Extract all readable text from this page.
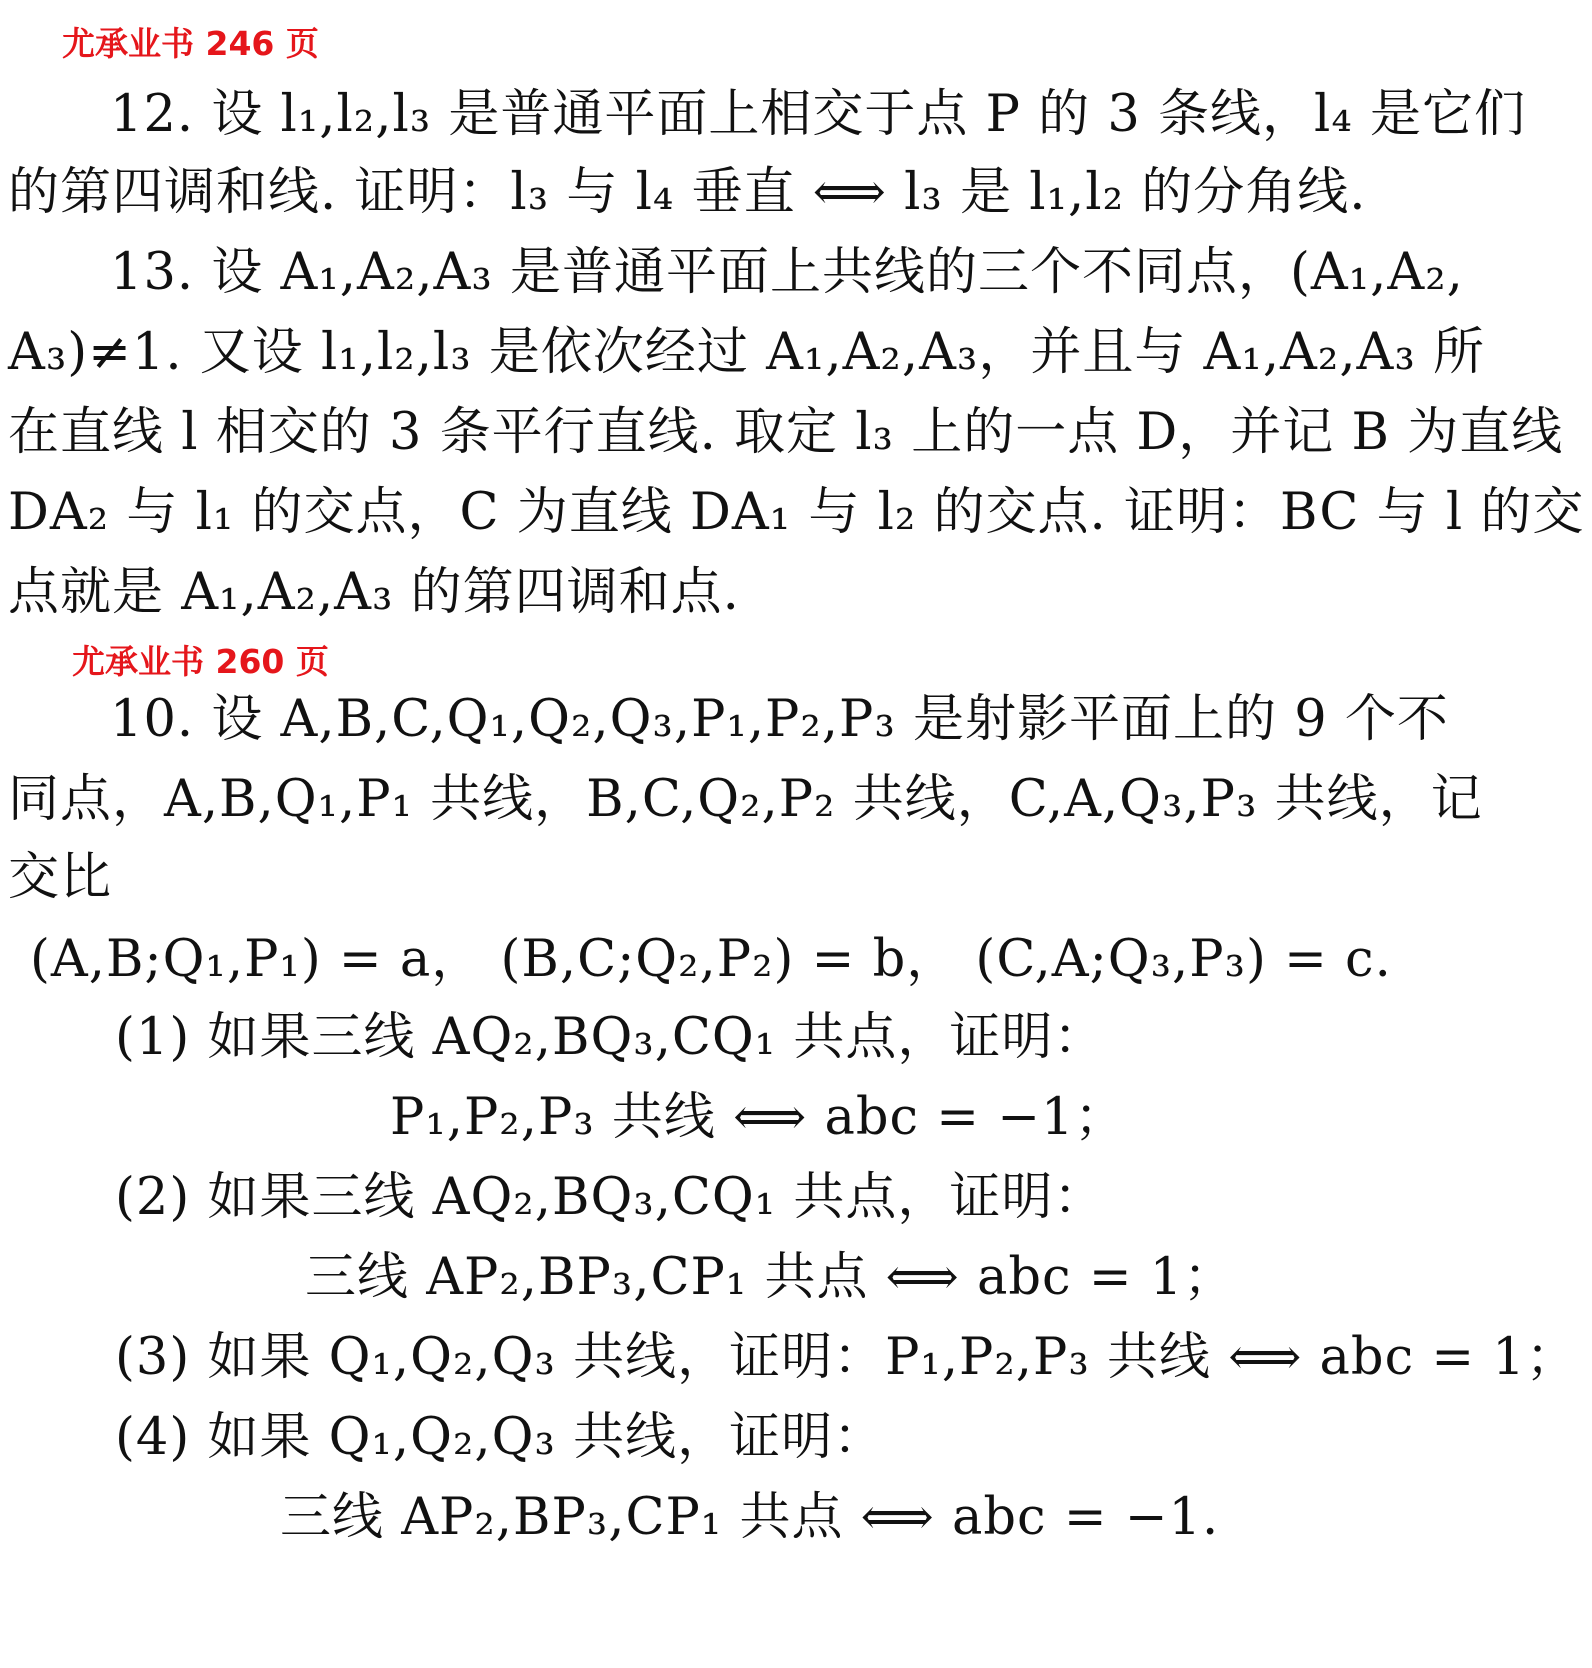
尤承业书 246 页
12. 设 l₁,l₂,l₃ 是普通平面上相交于点 P 的 3 条线，l₄ 是它们
的第四调和线. 证明：l₃ 与 l₄ 垂直 ⟺ l₃ 是 l₁,l₂ 的分角线.
13. 设 A₁,A₂,A₃ 是普通平面上共线的三个不同点，(A₁,A₂,
A₃)≠1. 又设 l₁,l₂,l₃ 是依次经过 A₁,A₂,A₃，并且与 A₁,A₂,A₃ 所
在直线 l 相交的 3 条平行直线. 取定 l₃ 上的一点 D，并记 B 为直线
DA₂ 与 l₁ 的交点，C 为直线 DA₁ 与 l₂ 的交点. 证明：BC 与 l 的交
点就是 A₁,A₂,A₃ 的第四调和点.
尤承业书 260 页
10. 设 A,B,C,Q₁,Q₂,Q₃,P₁,P₂,P₃ 是射影平面上的 9 个不
同点，A,B,Q₁,P₁ 共线，B,C,Q₂,P₂ 共线，C,A,Q₃,P₃ 共线，记
交比
(A,B;Q₁,P₁) = a， (B,C;Q₂,P₂) = b， (C,A;Q₃,P₃) = c.
(1) 如果三线 AQ₂,BQ₃,CQ₁ 共点，证明：
P₁,P₂,P₃ 共线 ⟺ abc = −1；
(2) 如果三线 AQ₂,BQ₃,CQ₁ 共点，证明：
三线 AP₂,BP₃,CP₁ 共点 ⟺ abc = 1；
(3) 如果 Q₁,Q₂,Q₃ 共线，证明：P₁,P₂,P₃ 共线 ⟺ abc = 1；
(4) 如果 Q₁,Q₂,Q₃ 共线，证明：
三线 AP₂,BP₃,CP₁ 共点 ⟺ abc = −1.
